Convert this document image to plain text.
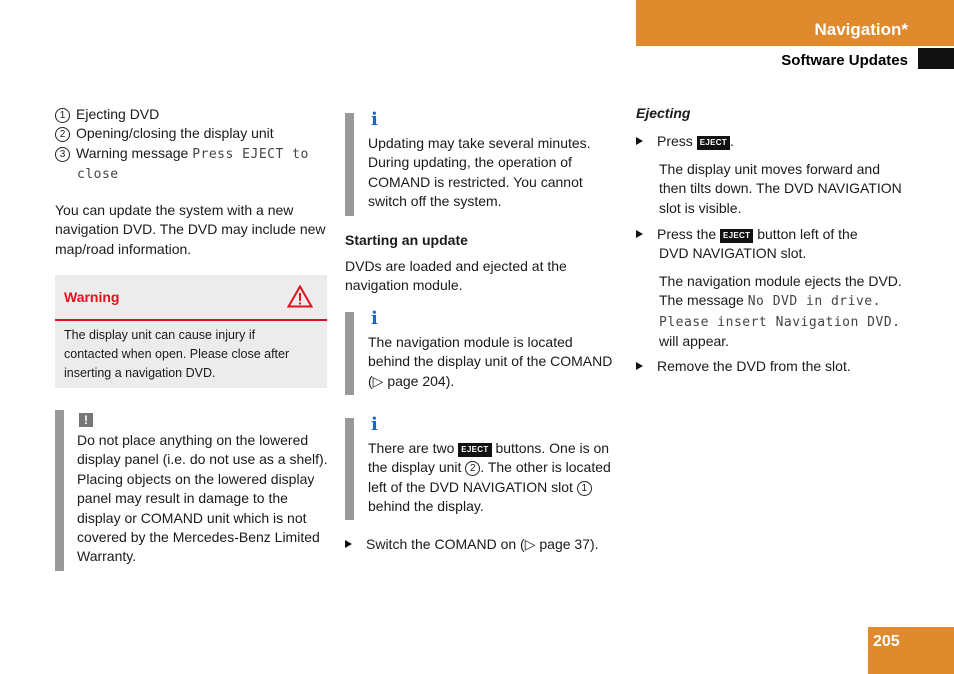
Navigation*
Software Updates

1 Ejecting DVD

2 Opening/closing the display unit

3 Warning message Press EJECT to

close

You can update the system with a new

navigation DVD. The DVD may include new

map/road information.

Warning
The display unit can cause injury if
contacted when open. Please close after
inserting a navigation DVD.
!

Do not place anything on the lowered

display panel (i.e. do not use as a shelf).

Placing objects on the lowered display

panel may result in damage to the

display or COMAND unit which is not

covered by the Mercedes-Benz Limited

Warranty.

i

Updating may take several minutes.

During updating, the operation of

COMAND is restricted. You cannot

switch off the system.

Starting an update

DVDs are loaded and ejected at the

navigation module.

i

The navigation module is located

behind the display unit of the COMAND

(▷ page 204).

i

There are two EJECT buttons. One is on

the display unit 2 . The other is located

left of the DVD NAVIGATION slot 1

behind the display.

Switch the COMAND on (▷ page 37).

Ejecting

Press EJECT .

The display unit moves forward and

then tilts down. The DVD NAVIGATION

slot is visible.

Press the EJECT button left of the

DVD NAVIGATION slot.

The navigation module ejects the DVD.

The message No DVD in drive.

Please insert Navigation DVD.

will appear.

Remove the DVD from the slot.

205
